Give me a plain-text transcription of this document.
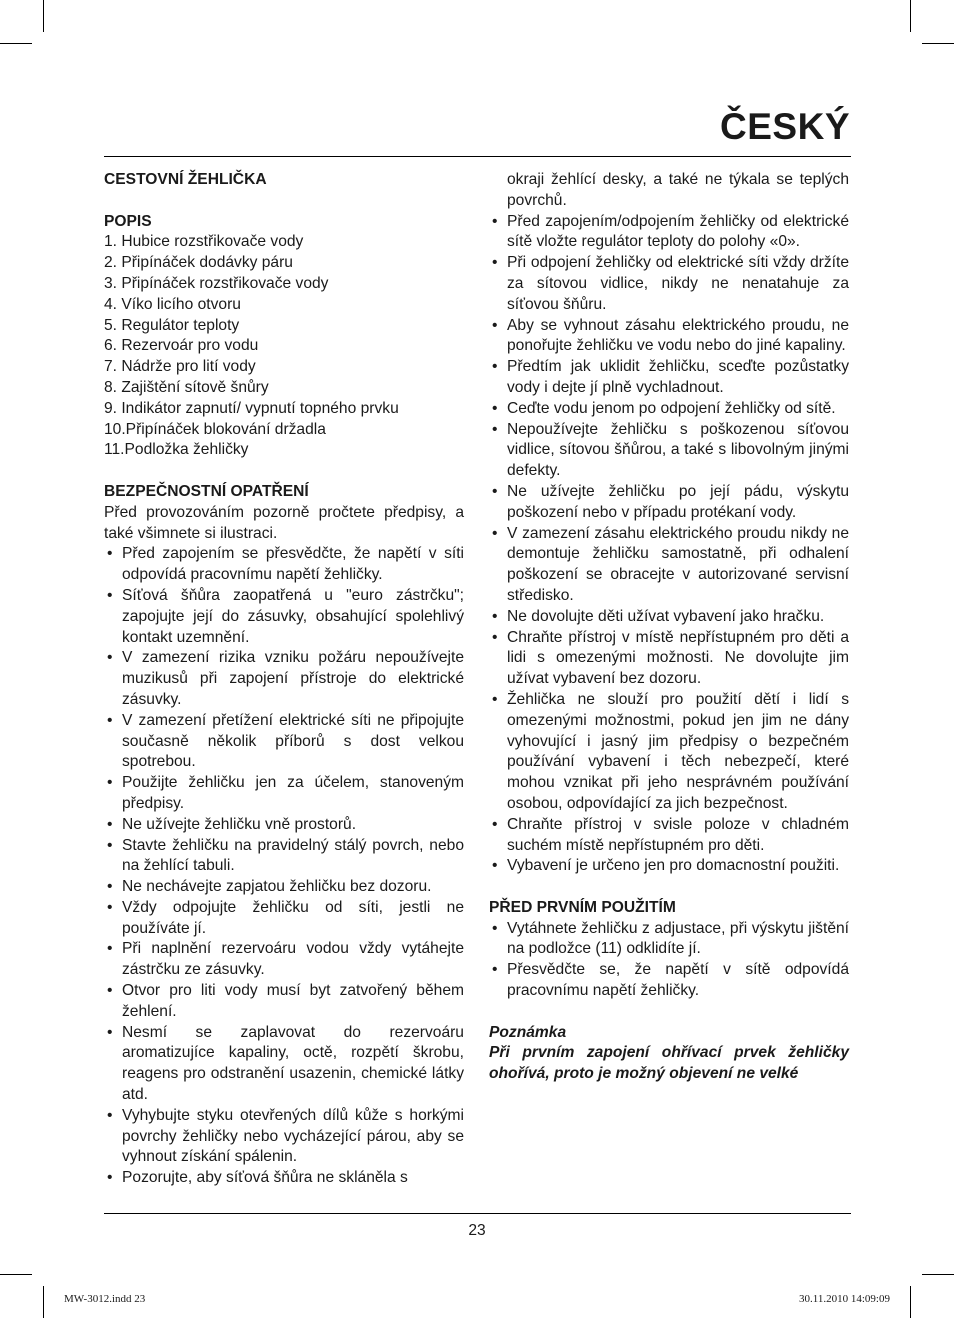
ČESKÝ

CESTOVNÍ ŽEHLIČKA

POPIS

1. Hubice rozstřikovače vody
2. Připínáček dodávky páru
3. Připínáček rozstřikovače vody
4. Víko licího otvoru
5. Regulátor teploty
6. Rezervoár pro vodu
7. Nádrže pro lití vody
8. Zajištění sítově šnůry
9. Indikátor zapnutí/ vypnutí topného prvku
10.Připínáček blokování držadla
11.Podložka žehličky

BEZPEČNOSTNÍ OPATŘENÍ

Před provozováním pozorně pročtete předpisy, a také všimnete si ilustraci.

• Před zapojením se přesvědčte, že napětí v síti odpovídá pracovnímu napětí žehličky.
• Síťová šňůra zaopatřená u "euro zástrčku"; zapojujte její do zásuvky, obsahující spolehlivý kontakt uzemnění.
• V zamezení rizika vzniku požáru nepoužívejte muzikusů při zapojení přístroje do elektrické zásuvky.
• V zamezení přetížení elektrické síti ne připojujte současně několik příborů s dost velkou spotrebou.
• Použijte žehličku jen za účelem, stanoveným předpisy.
• Ne užívejte žehličku vně prostorů.
• Stavte žehličku na pravidelný stálý povrch, nebo na žehlící tabuli.
• Ne nechávejte zapjatou žehličku bez dozoru.
• Vždy odpojujte žehličku od síti, jestli ne používáte jí.
• Při naplnění rezervoáru vodou vždy vytáhejte zástrčku ze zásuvky.
• Otvor pro liti vody musí byt zatvořený během žehlení.
• Nesmí se zaplavovat do rezervoáru aromatizujíce kapaliny, octě, rozpětí škrobu, reagens pro odstranění usazenin, chemické látky atd.
• Vyhybujte styku otevřených dílů kůže s horkými povrchy žehličky nebo vycházející párou, aby se vyhnout získání spálenin.
• Pozorujte, aby síťová šňůra ne skláněla s

okraji žehlící desky, a také ne týkala se teplých povrchů.

• Před zapojením/odpojením žehličky od elektrické sítě vložte regulátor teploty do polohy «0».
• Při odpojení žehličky od elektrické síti vždy držíte za sítovou vidlice, nikdy ne nenatahuje za síťovou šňůru.
• Aby se vyhnout zásahu elektrického proudu, ne ponořujte žehličku ve vodu nebo do jiné kapaliny.
• Předtím jak uklidit žehličku, sceďte pozůstatky vody i dejte jí plně vychladnout.
• Ceďte vodu jenom po odpojení žehličky od sítě.
• Nepoužívejte žehličku s poškozenou síťovou vidlice, sítovou šňůrou, a také s libovolným jinými defekty.
• Ne užívejte žehličku po její pádu, výskytu poškození nebo v případu protékaní vody.
• V zamezení zásahu elektrického proudu nikdy ne demontuje žehličku samostatně, při odhalení poškození se obracejte v autorizované servisní středisko.
• Ne dovolujte děti užívat vybavení jako hračku.
• Chraňte přístroj v místě nepřístupném pro děti a lidi s omezenými možnosti. Ne dovolujte jim užívat vybavení bez dozoru.
• Žehlička ne slouží pro použití dětí i lidí s omezenými možnostmi, pokud jen jim ne dány vyhovující i jasný jim předpisy o bezpečném používání vybavení i těch nebezpečí, které mohou vznikat při jeho nesprávném používání osobou, odpovídající za jich bezpečnost.
• Chraňte přístroj v svisle poloze v chladném suchém místě nepřístupném pro děti.
• Vybavení je určeno jen pro domacnostní použiti.

PŘED PRVNÍM POUŽITÍM

• Vytáhnete žehličku z adjustace, při výskytu jištění na podložce (11) odklidíte jí.
• Přesvědčte se, že napětí v sítě odpovídá pracovnímu napětí žehličky.

Poznámka

Při prvním zapojení ohřívací prvek žehličky ohořívá, proto je možný objevení ne velké

23

MW-3012.indd 23	30.11.2010 14:09:09
